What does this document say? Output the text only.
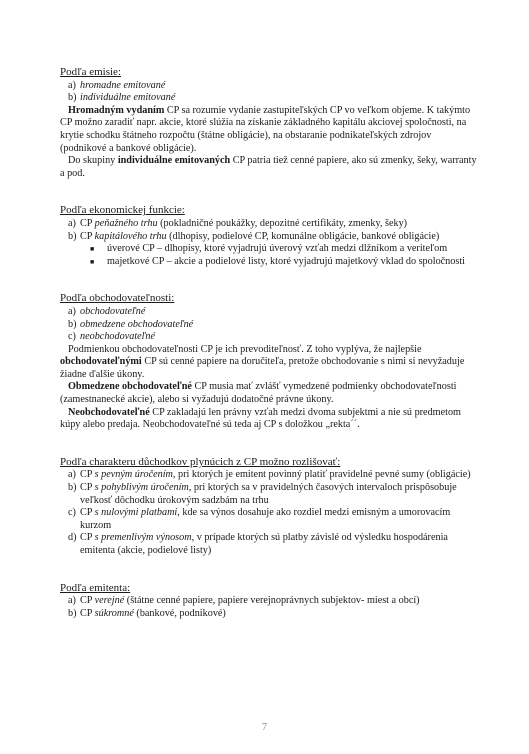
Podľa emisie:

a) hromadne emitované
b) individuálne emitované

Hromadným vydaním CP sa rozumie vydanie zastupiteľských CP vo veľkom objeme. K takýmto CP možno zaradiť napr. akcie, ktoré slúžia na získanie základného kapitálu akciovej spoločnosti, na krytie schodku štátneho rozpočtu (štátne obligácie), na obstaranie podnikateľských zdrojov (podnikové a bankové obligácie).

Do skupiny individuálne emitovaných CP patria tiež cenné papiere, ako sú zmenky, šeky, warranty a pod.

Podľa ekonomickej funkcie:

a) CP peňažného trhu (pokladničné poukážky, depozitné certifikáty, zmenky, šeky)
b) CP kapitálového trhu (dlhopisy, podielové CP, komunálne obligácie, bankové obligácie)
■ úverové CP – dlhopisy, ktoré vyjadrujú úverový vzťah medzi dlžníkom a veriteľom
■ majetkové CP – akcie a podielové listy, ktoré vyjadrujú majetkový vklad do spoločnosti

Podľa obchodovateľnosti:

a) obchodovateľné
b) obmedzene obchodovateľné
c) neobchodovateľné

Podmienkou obchodovateľnosti CP je ich prevoditeľnosť. Z toho vyplýva, že najlepšie obchodovateľnými CP sú cenné papiere na doručiteľa, pretože obchodovanie s nimi si nevyžaduje žiadne ďalšie úkony.

Obmedzene obchodovateľné CP musia mať zvlášť vymedzené podmienky obchodovateľnosti (zamestnanecké akcie), alebo si vyžadujú dodatočné právne úkony.

Neobchodovateľné CP zakladajú len právny vzťah medzi dvoma subjektmi a nie sú predmetom kúpy alebo predaja. Neobchodovateľné sú teda aj CP s doložkou „rekta´´.

Podľa charakteru důchodkov plynúcich z CP možno rozlišovať:

a) CP s pevným úročením, pri ktorých je emitent povinný platiť pravidelné pevné sumy (obligácie)
b) CP s pohyblivým úročením, pri ktorých sa v pravidelných časových intervaloch prispôsobuje veľkosť dôchodku úrokovým sadzbám na trhu
c) CP s nulovými platbami, kde sa výnos dosahuje ako rozdiel medzi emisným a umorovacím kurzom
d) CP s premenlivým výnosom, v prípade ktorých sú platby závislé od výsledku hospodárenia emitenta (akcie, podielové listy)

Podľa emitenta:

a) CP verejné (štátne cenné papiere, papiere verejnoprávnych subjektov- miest a obcí)
b) CP súkromné (bankové, podnikové)
7
